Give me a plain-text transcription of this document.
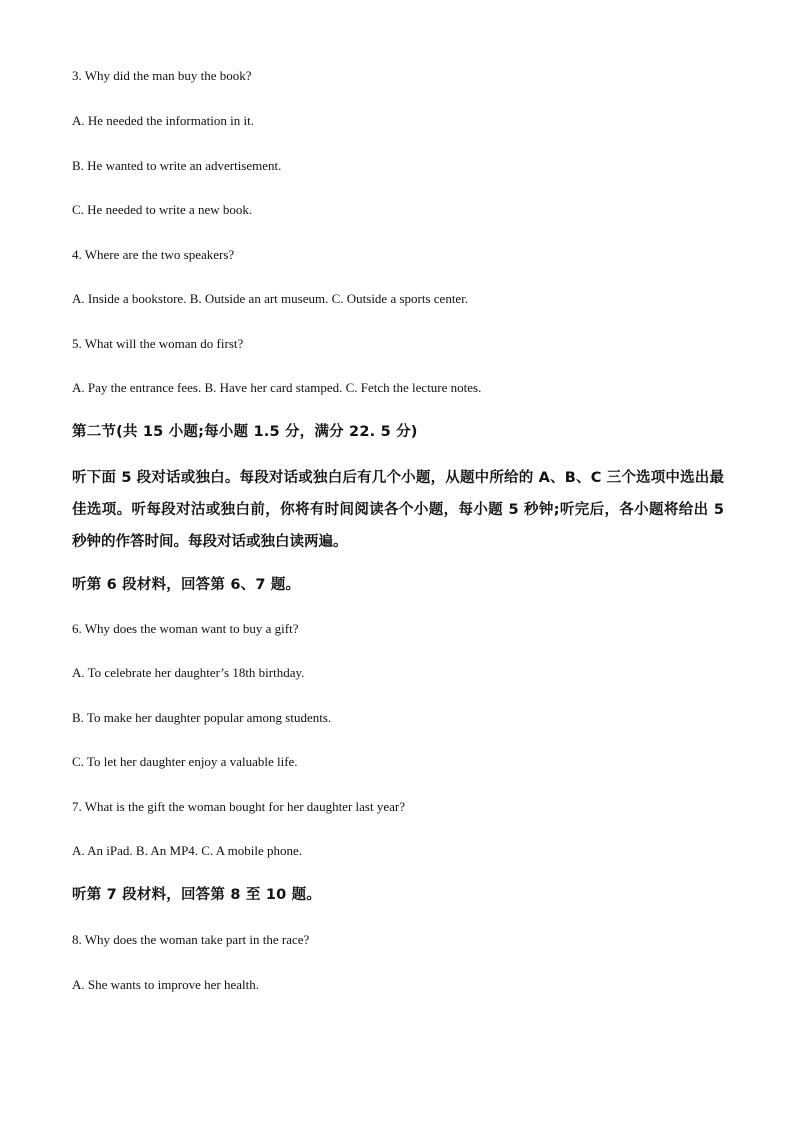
3. Why did the man buy the book?
A. He needed the information in it.
B. He wanted to write an advertisement.
C. He needed to write a new book.
4. Where are the two speakers?
A. Inside a bookstore. B. Outside an art museum. C. Outside a sports center.
5. What will the woman do first?
A. Pay the entrance fees. B. Have her card stamped. C. Fetch the lecture notes.
第二节(共 15 小题;每小题 1.5 分，满分 22. 5 分)
听下面 5 段对话或独白。每段对话或独白后有几个小题，从题中所给的 A、B、C 三个选项中选出最佳选项。听每段对沽或独白前，你将有时间阅读各个小题，每小题 5 秒钟;听完后，各小题将给出 5 秒钟的作答时间。每段对话或独白读两遍。
听第 6 段材料，回答第 6、7 题。
6. Why does the woman want to buy a gift?
A. To celebrate her daughter’s 18th birthday.
B. To make her daughter popular among students.
C. To let her daughter enjoy a valuable life.
7. What is the gift the woman bought for her daughter last year?
A. An iPad. B. An MP4. C. A mobile phone.
听第 7 段材料，回答第 8 至 10 题。
8. Why does the woman take part in the race?
A. She wants to improve her health.
